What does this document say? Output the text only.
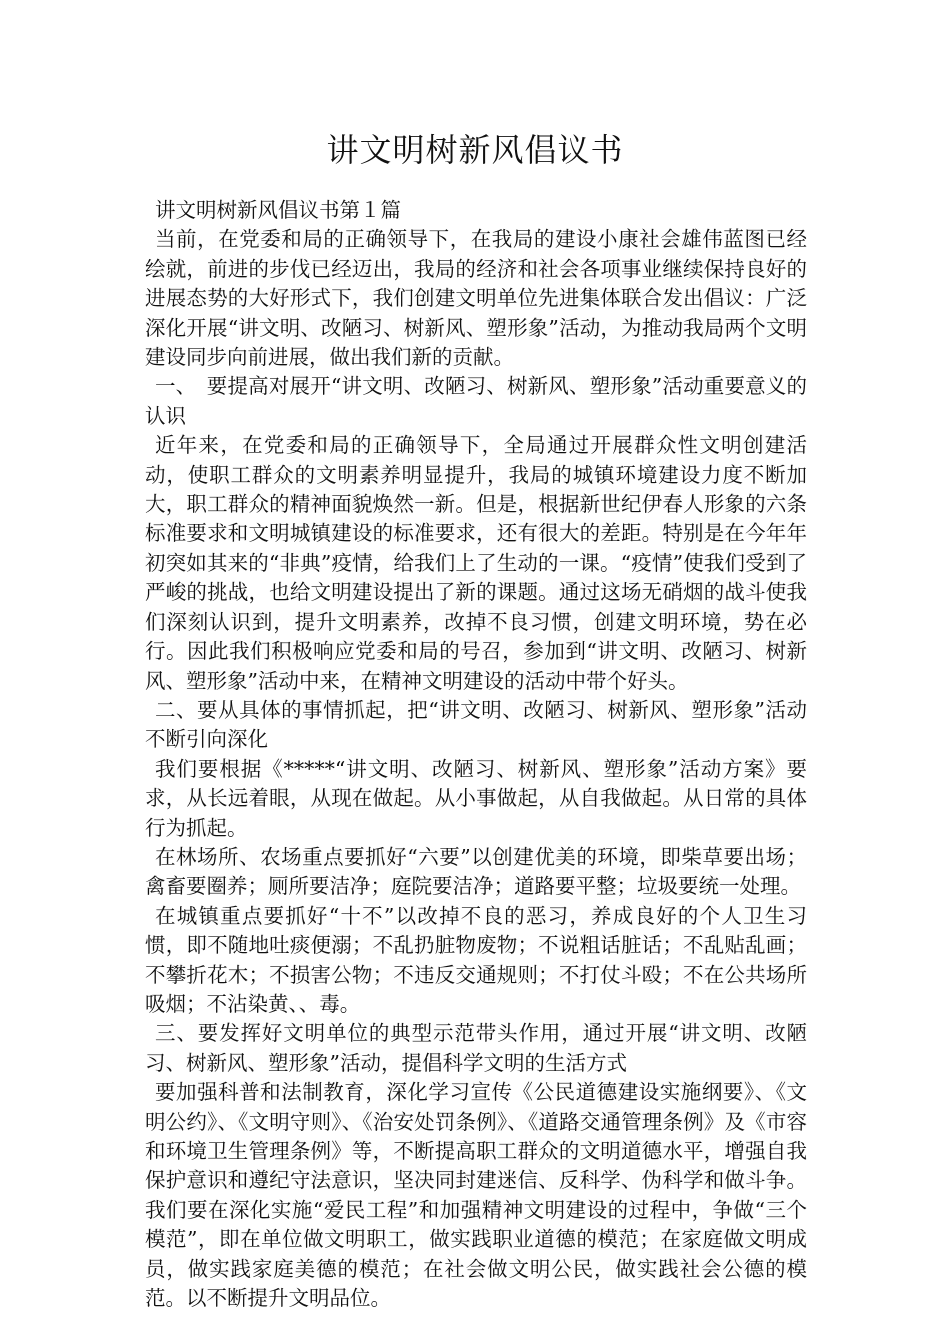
讲文明树新风倡议书

讲文明树新风倡议书第１篇

当前，在党委和局的正确领导下，在我局的建设小康社会雄伟蓝图已经绘就，前进的步伐已经迈出，我局的经济和社会各项事业继续保持良好的进展态势的大好形式下，我们创建文明单位先进集体联合发出倡议：广泛深化开展“讲文明、改陋习、树新风、塑形象”活动，为推动我局两个文明建设同步向前进展，做出我们新的贡献。

一、　要提高对展开“讲文明、改陋习、树新风、塑形象”活动重要意义的认识

近年来，在党委和局的正确领导下，全局通过开展群众性文明创建活动，使职工群众的文明素养明显提升，我局的城镇环境建设力度不断加大，职工群众的精神面貌焕然一新。但是，根据新世纪伊春人形象的六条标准要求和文明城镇建设的标准要求，还有很大的差距。特别是在今年年初突如其来的“非典”疫情，给我们上了生动的一课。“疫情”使我们受到了严峻的挑战，也给文明建设提出了新的课题。通过这场无硝烟的战斗使我们深刻认识到，提升文明素养，改掉不良习惯，创建文明环境，势在必行。因此我们积极响应党委和局的号召，参加到“讲文明、改陋习、树新风、塑形象”活动中来，在精神文明建设的活动中带个好头。

二、要从具体的事情抓起，把“讲文明、改陋习、树新风、塑形象”活动不断引向深化

我们要根据《*****“讲文明、改陋习、树新风、塑形象”活动方案》要求，从长远着眼，从现在做起。从小事做起，从自我做起。从日常的具体行为抓起。

在林场所、农场重点要抓好“六要”以创建优美的环境，即柴草要出场；禽畜要圈养；厕所要洁净；庭院要洁净；道路要平整；垃圾要统一处理。

在城镇重点要抓好“十不”以改掉不良的恶习，养成良好的个人卫生习惯，即不随地吐痰便溺；不乱扔脏物废物；不说粗话脏话；不乱贴乱画；不攀折花木；不损害公物；不违反交通规则；不打仗斗殴；不在公共场所吸烟；不沾染黄、、毒。

三、要发挥好文明单位的典型示范带头作用，通过开展“讲文明、改陋习、树新风、塑形象”活动，提倡科学文明的生活方式

要加强科普和法制教育，深化学习宣传《公民道德建设实施纲要》、《文明公约》、《文明守则》、《治安处罚条例》、《道路交通管理条例》及《市容和环境卫生管理条例》等，不断提高职工群众的文明道德水平，增强自我保护意识和遵纪守法意识，坚决同封建迷信、反科学、伪科学和做斗争。我们要在深化实施“爱民工程”和加强精神文明建设的过程中，争做“三个模范”，即在单位做文明职工，做实践职业道德的模范；在家庭做文明成员，做实践家庭美德的模范；在社会做文明公民，做实践社会公德的模范。以不断提升文明品位。
